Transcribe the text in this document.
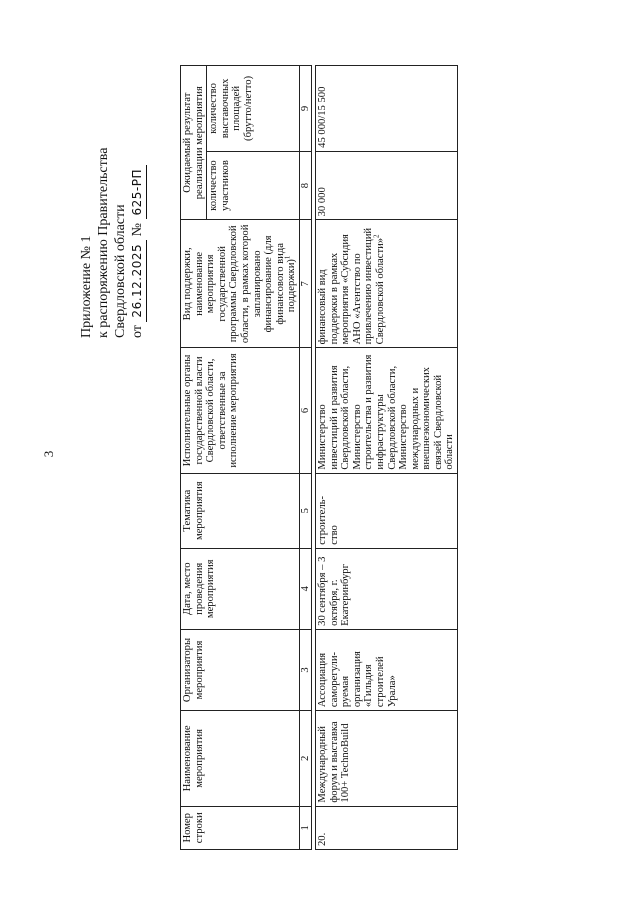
3
Приложение № 1 к распоряжению Правительства Свердловской области от 26.12.2025 № 625-РП
Номер строки	Наименование мероприятия	Организаторы мероприятия	Дата, место проведения мероприятия	Тематика мероприятия	Исполнительные органы государственной власти Свердловской области, ответственные за исполнение мероприятия	Вид поддержки, наименование мероприятия государственной программы Свердловской области, в рамках которой запланировано финансирование (для финансового вида поддержки)$^1$	Ожидаемый результат реализации мероприятия	
							количество участников	количество выставочных площадей (брутто/нетто)
1	2	3	4	5	6	7	8	9

20.	Международный форум и выставка 100+ TechnoBuild	Ассоциация саморегули-руемая организация «Гильдия строителей Урала»	30 сентября – 3 октября, г. Екатеринбург	строитель-ство	Министерство инвестиций и развития Свердловской области, Министерство строительства и развития инфраструктуры Свердловской области, Министерство международных и внешнеэкономических связей Свердловской области	финансовый вид поддержки в рамках мероприятия «Субсидия АНО «Агентство по привлечению инвестиций Свердловской области»$^2$	30 000	45 000/15 500
